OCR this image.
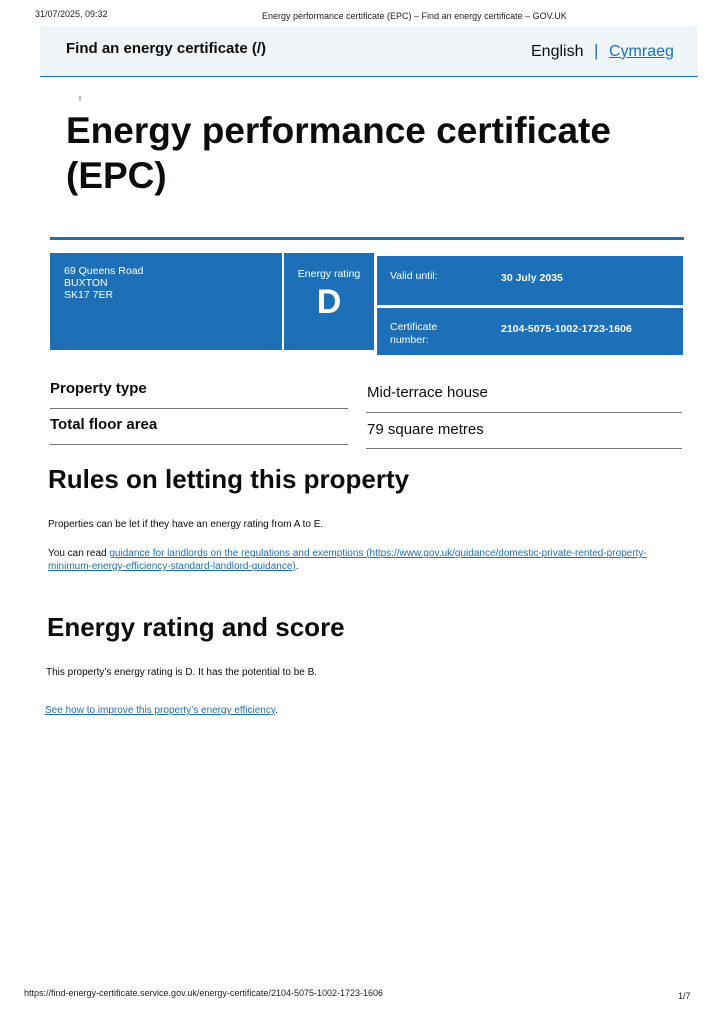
31/07/2025, 09:32	Energy performance certificate (EPC) – Find an energy certificate – GOV.UK
Find an energy certificate (/)	English | Cymraeg
Energy performance certificate
(EPC)
69 Queens Road
BUXTON
SK17 7ER
Energy rating
D
Valid until:	30 July 2035
Certificate
number:
2104-5075-1002-1723-1606
Property type	Mid-terrace house
Total floor area	79 square metres
Rules on letting this property
Properties can be let if they have an energy rating from A to E.
You can read guidance for landlords on the regulations and exemptions (https://www.gov.uk/guidance/domestic-private-rented-property-
minimum-energy-efficiency-standard-landlord-guidance).
Energy rating and score
This property’s energy rating is D. It has the potential to be B.
See how to improve this property’s energy efficiency.
https://find-energy-certificate.service.gov.uk/energy-certificate/2104-5075-1002-1723-1606	1/7
